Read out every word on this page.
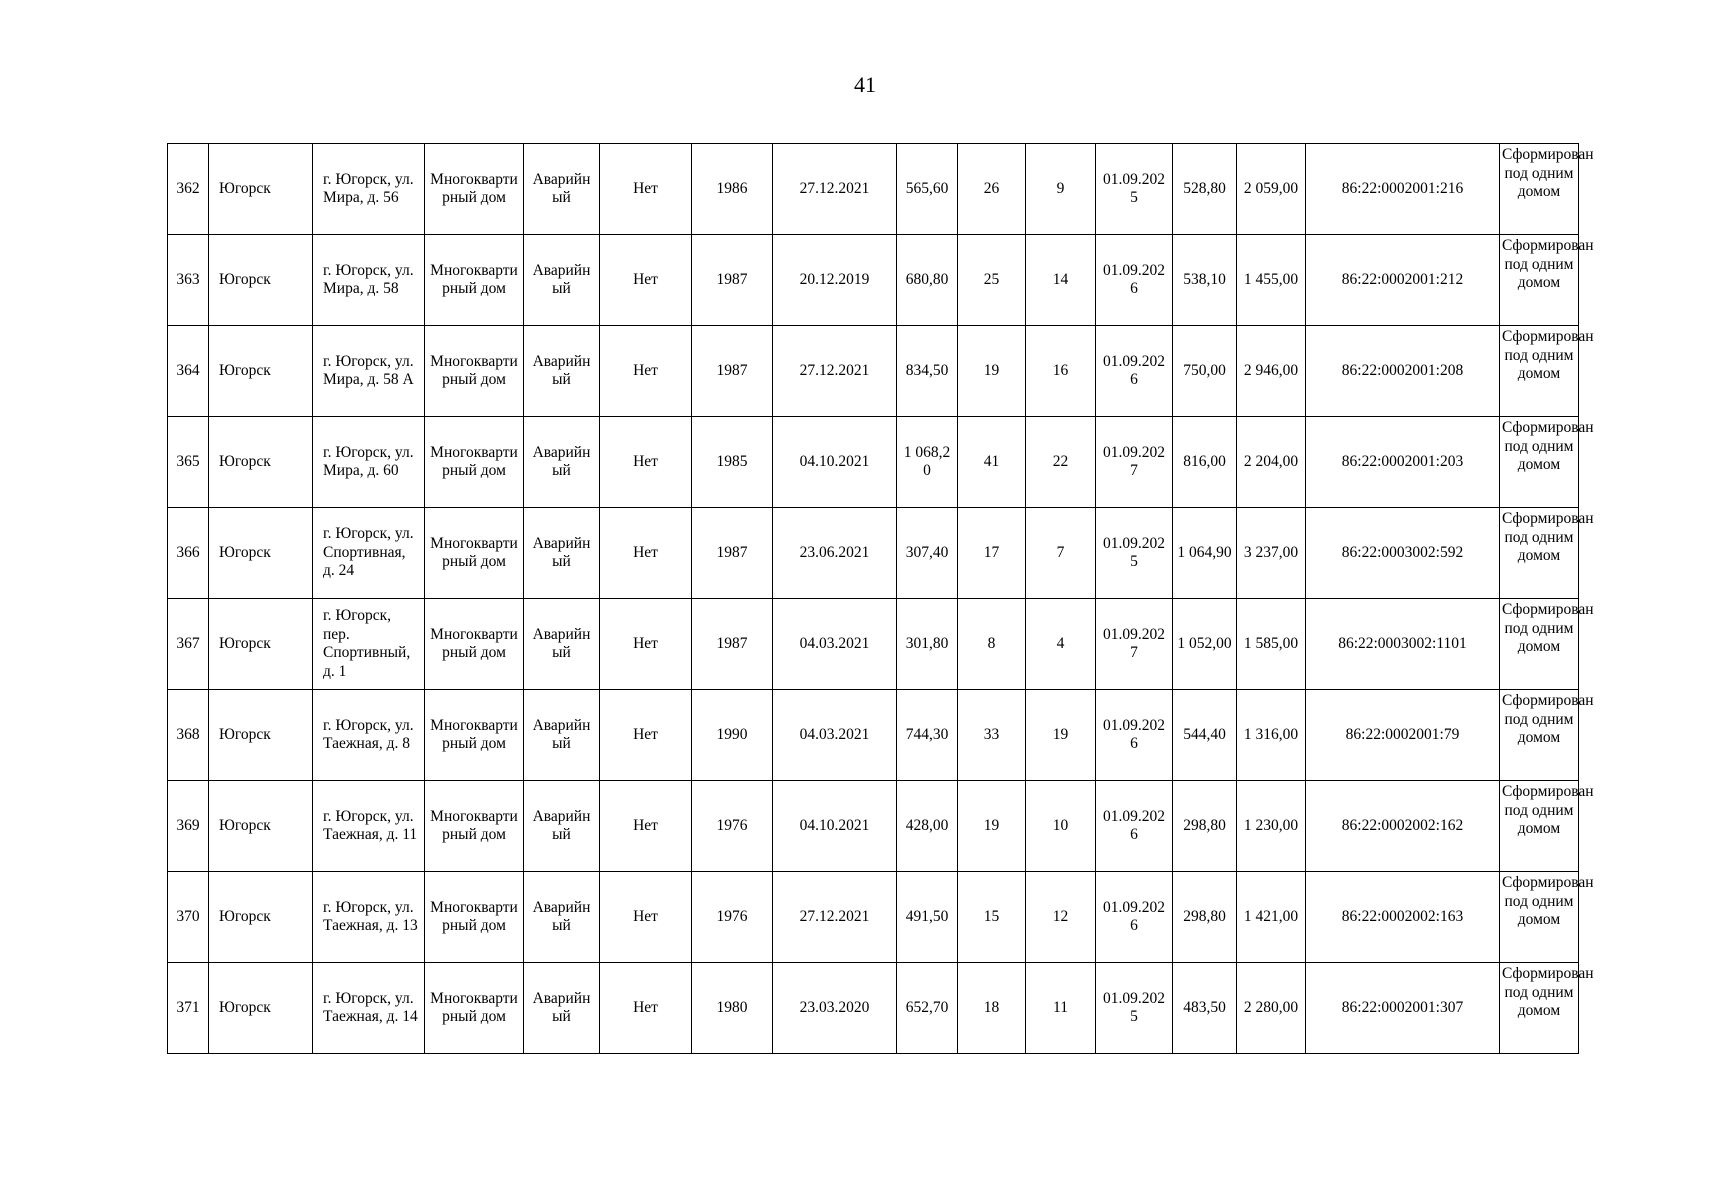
41
362	Югорск	г. Югорск, ул. Мира, д. 56	Многоквартирный дом	Аварийный	Нет	1986	27.12.2021	565,60	26	9	01.09.2025	528,80	2 059,00	86:22:0002001:216	Сформирован под одним домом
363	Югорск	г. Югорск, ул. Мира, д. 58	Многоквартирный дом	Аварийный	Нет	1987	20.12.2019	680,80	25	14	01.09.2026	538,10	1 455,00	86:22:0002001:212	Сформирован под одним домом
364	Югорск	г. Югорск, ул. Мира, д. 58 А	Многоквартирный дом	Аварийный	Нет	1987	27.12.2021	834,50	19	16	01.09.2026	750,00	2 946,00	86:22:0002001:208	Сформирован под одним домом
365	Югорск	г. Югорск, ул. Мира, д. 60	Многоквартирный дом	Аварийный	Нет	1985	04.10.2021	1 068,20	41	22	01.09.2027	816,00	2 204,00	86:22:0002001:203	Сформирован под одним домом
366	Югорск	г. Югорск, ул. Спортивная, д. 24	Многоквартирный дом	Аварийный	Нет	1987	23.06.2021	307,40	17	7	01.09.2025	1 064,90	3 237,00	86:22:0003002:592	Сформирован под одним домом
367	Югорск	г. Югорск, пер. Спортивный, д. 1	Многоквартирный дом	Аварийный	Нет	1987	04.03.2021	301,80	8	4	01.09.2027	1 052,00	1 585,00	86:22:0003002:1101	Сформирован под одним домом
368	Югорск	г. Югорск, ул. Таежная, д. 8	Многоквартирный дом	Аварийный	Нет	1990	04.03.2021	744,30	33	19	01.09.2026	544,40	1 316,00	86:22:0002001:79	Сформирован под одним домом
369	Югорск	г. Югорск, ул. Таежная, д. 11	Многоквартирный дом	Аварийный	Нет	1976	04.10.2021	428,00	19	10	01.09.2026	298,80	1 230,00	86:22:0002002:162	Сформирован под одним домом
370	Югорск	г. Югорск, ул. Таежная, д. 13	Многоквартирный дом	Аварийный	Нет	1976	27.12.2021	491,50	15	12	01.09.2026	298,80	1 421,00	86:22:0002002:163	Сформирован под одним домом
371	Югорск	г. Югорск, ул. Таежная, д. 14	Многоквартирный дом	Аварийный	Нет	1980	23.03.2020	652,70	18	11	01.09.2025	483,50	2 280,00	86:22:0002001:307	Сформирован под одним домом
